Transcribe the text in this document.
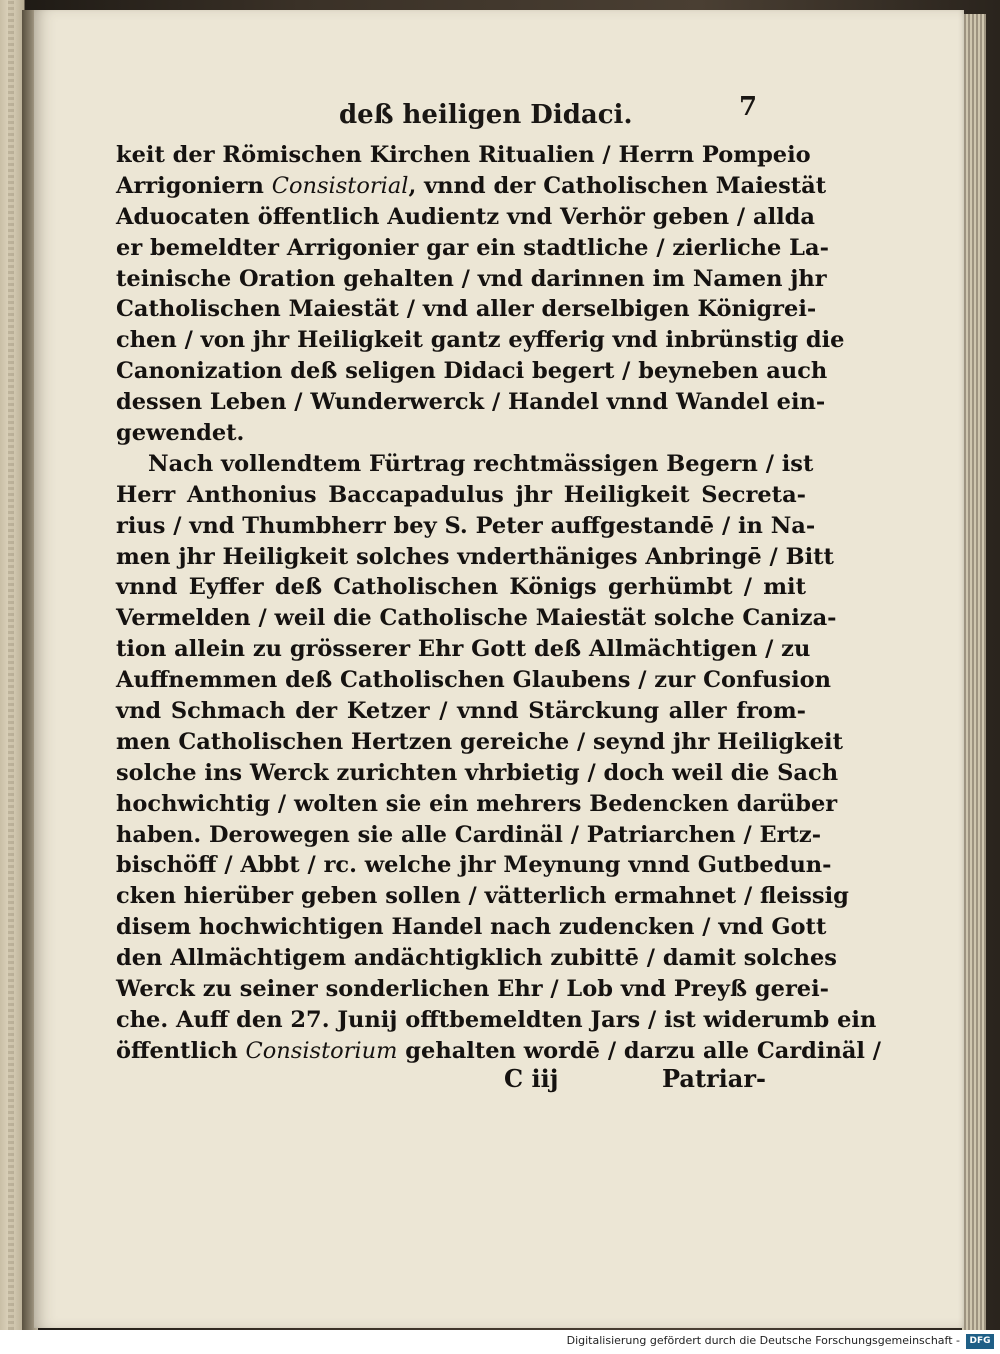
deß heiligen Didaci.	7
keit der Römischen Kirchen Ritualien / Herrn Pompeio
Arrigoniern Consistorial, vnnd der Catholischen Maiestät
Aduocaten öffentlich Audientz vnd Verhör geben / allda
er bemeldter Arrigonier gar ein stadtliche / zierliche La-
teinische Oration gehalten / vnd darinnen im Namen jhr
Catholischen Maiestät / vnd aller derselbigen Königrei-
chen / von jhr Heiligkeit gantz eyfferig vnd inbrünstig die
Canonization deß seligen Didaci begert / beyneben auch
dessen Leben / Wunderwerck / Handel vnnd Wandel ein-
gewendet.
Nach vollendtem Fürtrag rechtmässigen Begern / ist
Herr Anthonius Baccapadulus jhr Heiligkeit Secreta-
rius / vnd Thumbherr bey S. Peter auffgestandē / in Na-
men jhr Heiligkeit solches vnderthäniges Anbringē / Bitt
vnnd Eyffer deß Catholischen Königs gerhümbt / mit
Vermelden / weil die Catholische Maiestät solche Caniza-
tion allein zu grösserer Ehr Gott deß Allmächtigen / zu
Auffnemmen deß Catholischen Glaubens / zur Confusion
vnd Schmach der Ketzer / vnnd Stärckung aller from-
men Catholischen Hertzen gereiche / seynd jhr Heiligkeit
solche ins Werck zurichten vhrbietig / doch weil die Sach
hochwichtig / wolten sie ein mehrers Bedencken darüber
haben. Derowegen sie alle Cardinäl / Patriarchen / Ertz-
bischöff / Abbt / rc. welche jhr Meynung vnnd Gutbedun-
cken hierüber geben sollen / vätterlich ermahnet / fleissig
disem hochwichtigen Handel nach zudencken / vnd Gott
den Allmächtigem andächtigklich zubittē / damit solches
Werck zu seiner sonderlichen Ehr / Lob vnd Preyß gerei-
che. Auff den 27. Junij offtbemeldten Jars / ist widerumb ein
öffentlich Consistorium gehalten wordē / darzu alle Cardinäl /
C iij	Patriar-
Digitalisierung gefördert durch die Deutsche Forschungsgemeinschaft -	DFG
